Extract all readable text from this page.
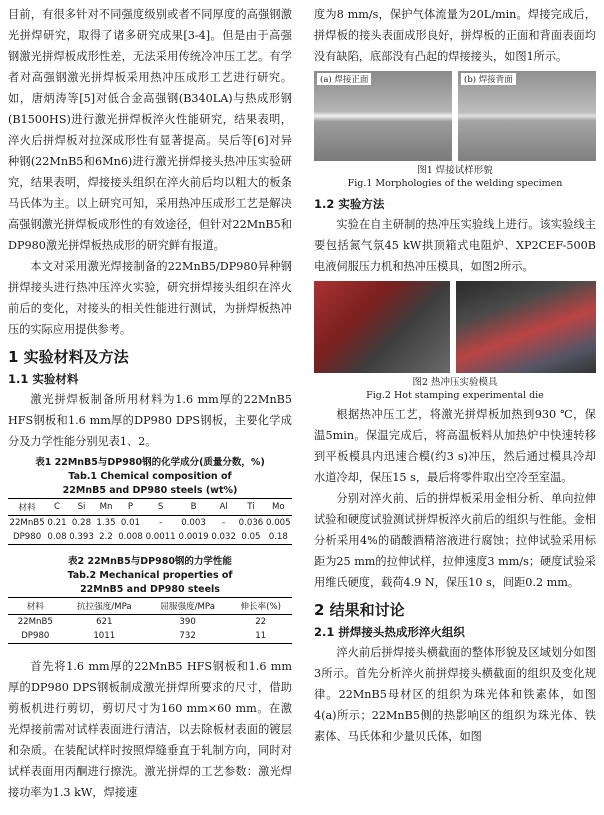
目前，有很多针对不同强度级别或者不同厚度的高强钢激光拼焊研究，取得了诸多研究成果[3-4]。但是由于高强钢激光拼焊板成形性差，无法采用传统冷冲压工艺。有学者对高强钢激光拼焊板采用热冲压成形工艺进行研究。如，唐炳涛等[5]对低合金高强钢(B340LA)与热成形钢(B1500HS)进行激光拼焊板淬火性能研究，结果表明，淬火后拼焊板对拉深成形性有显著提高。吴后等[6]对异种钢(22MnB5和6Mn6)进行激光拼焊接头热冲压实验研究，结果表明，焊接接头组织在淬火前后均以粗大的板条马氏体为主。以上研究可知，采用热冲压成形工艺是解决高强钢激光拼焊板成形性的有效途径，但针对22MnB5和DP980激光拼焊板热成形的研究鲜有报道。

本文对采用激光焊接制备的22MnB5/DP980异种钢拼焊接头进行热冲压淬火实验，研究拼焊接头组织在淬火前后的变化，对接头的相关性能进行测试，为拼焊板热冲压的实际应用提供参考。

1 实验材料及方法
1.1 实验材料

激光拼焊板制备所用材料为1.6 mm厚的22MnB5 HFS钢板和1.6 mm厚的DP980 DPS钢板，主要化学成分及力学性能分别见表1、2。

表1 22MnB5与DP980钢的化学成分(质量分数，%)
Tab.1 Chemical composition of 22MnB5 and DP980 steels (wt%)
材料	C	Si	Mn	P	S	B	Al	Ti	Mo
22MnB5	0.21	0.28	1.35	0.01	-	0.003	-	0.036	0.005
DP980	0.08	0.393	2.2	0.008	0.0011	0.0019	0.032	0.05	0.18
表2 22MnB5与DP980钢的力学性能
Tab.2 Mechanical properties of 22MnB5 and DP980 steels
材料	抗拉强度/MPa	屈服强度/MPa	伸长率(%)
22MnB5	621	390	22
DP980	1011	732	11

首先将1.6 mm厚的22MnB5 HFS钢板和1.6 mm厚的DP980 DPS钢板制成激光拼焊所要求的尺寸，借助剪板机进行剪切，剪切尺寸为160 mm×60 mm。在激光焊接前需对试样表面进行清洁，以去除板材表面的镀层和杂质。在装配试样时按照焊缝垂直于轧制方向，同时对试样表面用丙酮进行擦洗。激光拼焊的工艺参数：激光焊接功率为1.3 kW，焊接速

度为8 mm/s，保护气体流量为20L/min。焊接完成后，拼焊板的接头表面成形良好，拼焊板的正面和背面表面均没有缺陷，底部没有凸起的焊接接头，如图1所示。

(a) 焊接正面	(b) 焊接背面
图1 焊接试样形貌
Fig.1 Morphologies of the welding specimen
1.2 实验方法

实验在自主研制的热冲压实验线上进行。该实验线主要包括氮气氛45 kW拱顶箱式电阻炉、XP2CEF-500B电液伺服压力机和热冲压模具，如图2所示。

图2 热冲压实验模具
Fig.2 Hot stamping experimental die

根据热冲压工艺，将激光拼焊板加热到930 ℃，保温5min。保温完成后，将高温板料从加热炉中快速转移到平板模具内迅速合模(约3 s)冲压，然后通过模具冷却水道冷却，保压15 s，最后将零件取出空冷至室温。

分别对淬火前、后的拼焊板采用金相分析、单向拉伸试验和硬度试验测试拼焊板淬火前后的组织与性能。金相分析采用4%的硝酸酒精溶液进行腐蚀；拉伸试验采用标距为25 mm的拉伸试样，拉伸速度3 mm/s；硬度试验采用维氏硬度，载荷4.9 N，保压10 s，间距0.2 mm。

2 结果和讨论
2.1 拼焊接头热成形淬火组织

淬火前后拼焊接头横截面的整体形貌及区域划分如图3所示。首先分析淬火前拼焊接头横截面的组织及变化规律。22MnB5母材区的组织为珠光体和铁素体，如图4(a)所示；22MnB5侧的热影响区的组织为珠光体、铁素体、马氏体和少量贝氏体，如图
